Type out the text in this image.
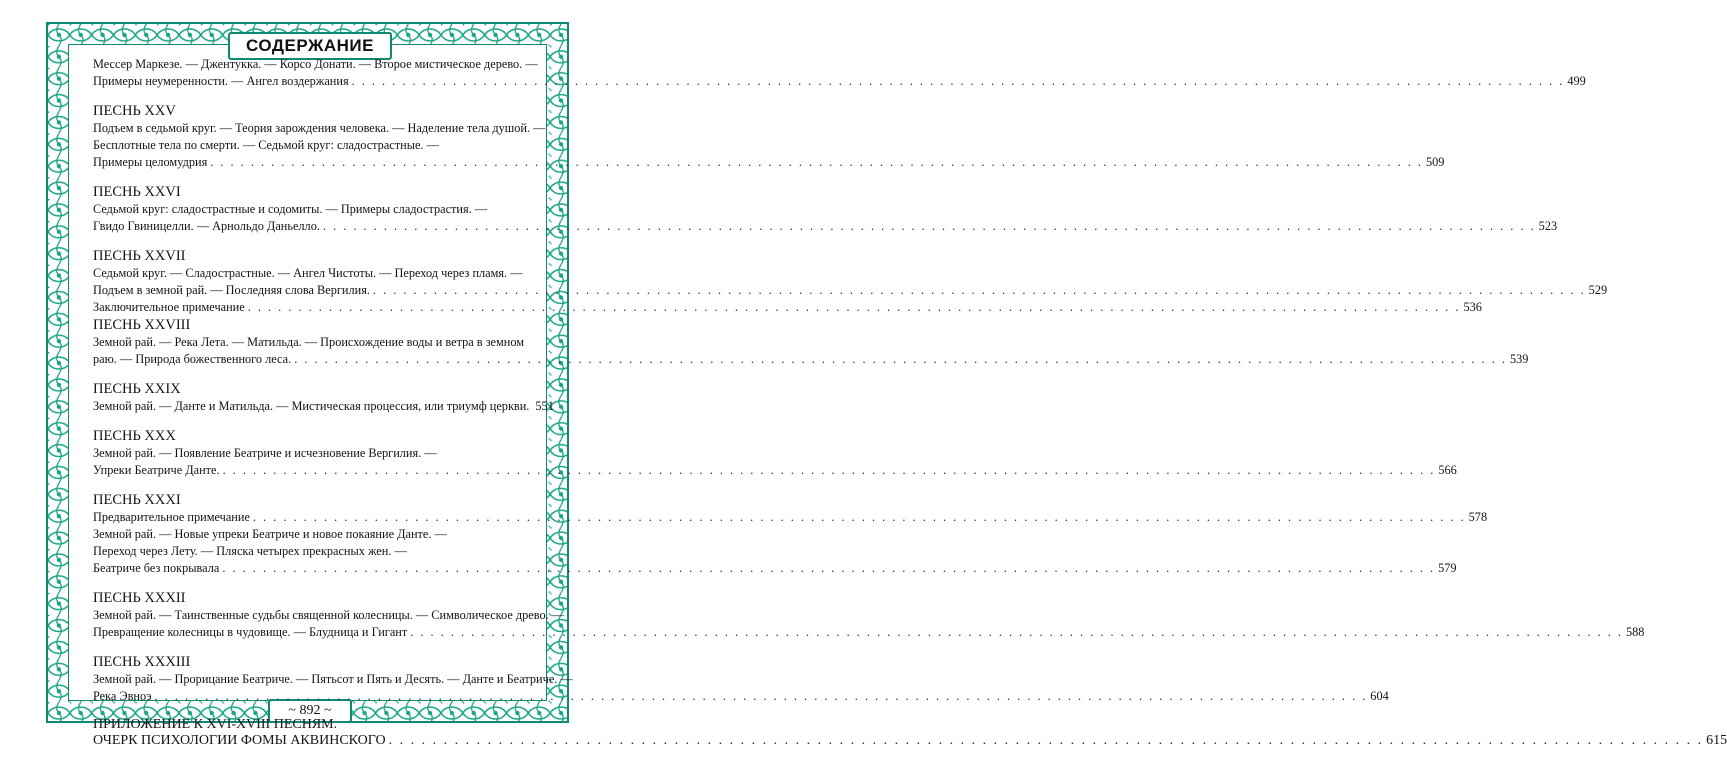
СОДЕРЖАНИЕ
~ 892 ~
Мессер Маркезе. — Джентукка. — Корсо Донати. — Второе мистическое дерево. —
Примеры неумеренности. — Ангел воздержания . . . . . . . . . . . . . . . . . . . . . . . . . . . . . . . . . . . . . . . . . . . . . . . . . . . . . . . . . . . . . . . . . . . . . . . . . . . . . . . . . . . . . . . . . . . . . . . . . . . . . . . . . . . . . . . . . . . . . . . . 499
ПЕСНЬ XXV
Подъем в седьмой круг. — Теория зарождения человека. — Наделение тела душой. —
Бесплотные тела по смерти. — Седьмой круг: сладострастные. —
Примеры целомудрия . . . . . . . . . . . . . . . . . . . . . . . . . . . . . . . . . . . . . . . . . . . . . . . . . . . . . . . . . . . . . . . . . . . . . . . . . . . . . . . . . . . . . . . . . . . . . . . . . . . . . . . . . . . . . . . . . . . . . . . . 509
ПЕСНЬ XXVI
Седьмой круг: сладострастные и содомиты. — Примеры сладострастия. —
Гвидо Гвиницелли. — Арнольдо Даньелло. . . . . . . . . . . . . . . . . . . . . . . . . . . . . . . . . . . . . . . . . . . . . . . . . . . . . . . . . . . . . . . . . . . . . . . . . . . . . . . . . . . . . . . . . . . . . . . . . . . . . . . . . . . . . . . . . . . . . . . . . 523
ПЕСНЬ XXVII
Седьмой круг. — Сладострастные. — Ангел Чистоты. — Переход через пламя. —
Подъем в земной рай. — Последняя слова Вергилия. . . . . . . . . . . . . . . . . . . . . . . . . . . . . . . . . . . . . . . . . . . . . . . . . . . . . . . . . . . . . . . . . . . . . . . . . . . . . . . . . . . . . . . . . . . . . . . . . . . . . . . . . . . . . . . . . . . . . . . . . 529
Заключительное примечание . . . . . . . . . . . . . . . . . . . . . . . . . . . . . . . . . . . . . . . . . . . . . . . . . . . . . . . . . . . . . . . . . . . . . . . . . . . . . . . . . . . . . . . . . . . . . . . . . . . . . . . . . . . . . . . . . . . . . . . . 536
ПЕСНЬ XXVIII
Земной рай. — Река Лета. — Матильда. — Происхождение воды и ветра в земном
раю. — Природа божественного леса. . . . . . . . . . . . . . . . . . . . . . . . . . . . . . . . . . . . . . . . . . . . . . . . . . . . . . . . . . . . . . . . . . . . . . . . . . . . . . . . . . . . . . . . . . . . . . . . . . . . . . . . . . . . . . . . . . . . . . . . . 539
ПЕСНЬ XXIX
Земной рай. — Данте и Матильда. — Мистическая процессия, или триумф церкви. 551
ПЕСНЬ XXX
Земной рай. — Появление Беатриче и исчезновение Вергилия. —
Упреки Беатриче Данте. . . . . . . . . . . . . . . . . . . . . . . . . . . . . . . . . . . . . . . . . . . . . . . . . . . . . . . . . . . . . . . . . . . . . . . . . . . . . . . . . . . . . . . . . . . . . . . . . . . . . . . . . . . . . . . . . . . . . . . . . 566
ПЕСНЬ XXXI
Предварительное примечание . . . . . . . . . . . . . . . . . . . . . . . . . . . . . . . . . . . . . . . . . . . . . . . . . . . . . . . . . . . . . . . . . . . . . . . . . . . . . . . . . . . . . . . . . . . . . . . . . . . . . . . . . . . . . . . . . . . . . . . . 578
Земной рай. — Новые упреки Беатриче и новое покаяние Данте. —
Переход через Лету. — Пляска четырех прекрасных жен. —
Беатриче без покрывала . . . . . . . . . . . . . . . . . . . . . . . . . . . . . . . . . . . . . . . . . . . . . . . . . . . . . . . . . . . . . . . . . . . . . . . . . . . . . . . . . . . . . . . . . . . . . . . . . . . . . . . . . . . . . . . . . . . . . . . . 579
ПЕСНЬ XXXII
Земной рай. — Таинственные судьбы священной колесницы. — Символическое древо. —
Превращение колесницы в чудовище. — Блудница и Гигант . . . . . . . . . . . . . . . . . . . . . . . . . . . . . . . . . . . . . . . . . . . . . . . . . . . . . . . . . . . . . . . . . . . . . . . . . . . . . . . . . . . . . . . . . . . . . . . . . . . . . . . . . . . . . . . . . . . . . . . . 588
ПЕСНЬ XXXIII
Земной рай. — Прорицание Беатриче. — Пятьсот и Пять и Десять. — Данте и Беатриче. —
Река Эвноэ . . . . . . . . . . . . . . . . . . . . . . . . . . . . . . . . . . . . . . . . . . . . . . . . . . . . . . . . . . . . . . . . . . . . . . . . . . . . . . . . . . . . . . . . . . . . . . . . . . . . . . . . . . . . . . . . . . . . . . . . 604
ПРИЛОЖЕНИЕ К XVI-XVIII ПЕСНЯМ.
ОЧЕРК ПСИХОЛОГИИ ФОМЫ АКВИНСКОГО . . . . . . . . . . . . . . . . . . . . . . . . . . . . . . . . . . . . . . . . . . . . . . . . . . . . . . . . . . . . . . . . . . . . . . . . . . . . . . . . . . . . . . . . . . . . . . . . . . . . . . . . . . . . . . . . . . . . . . . . 615
